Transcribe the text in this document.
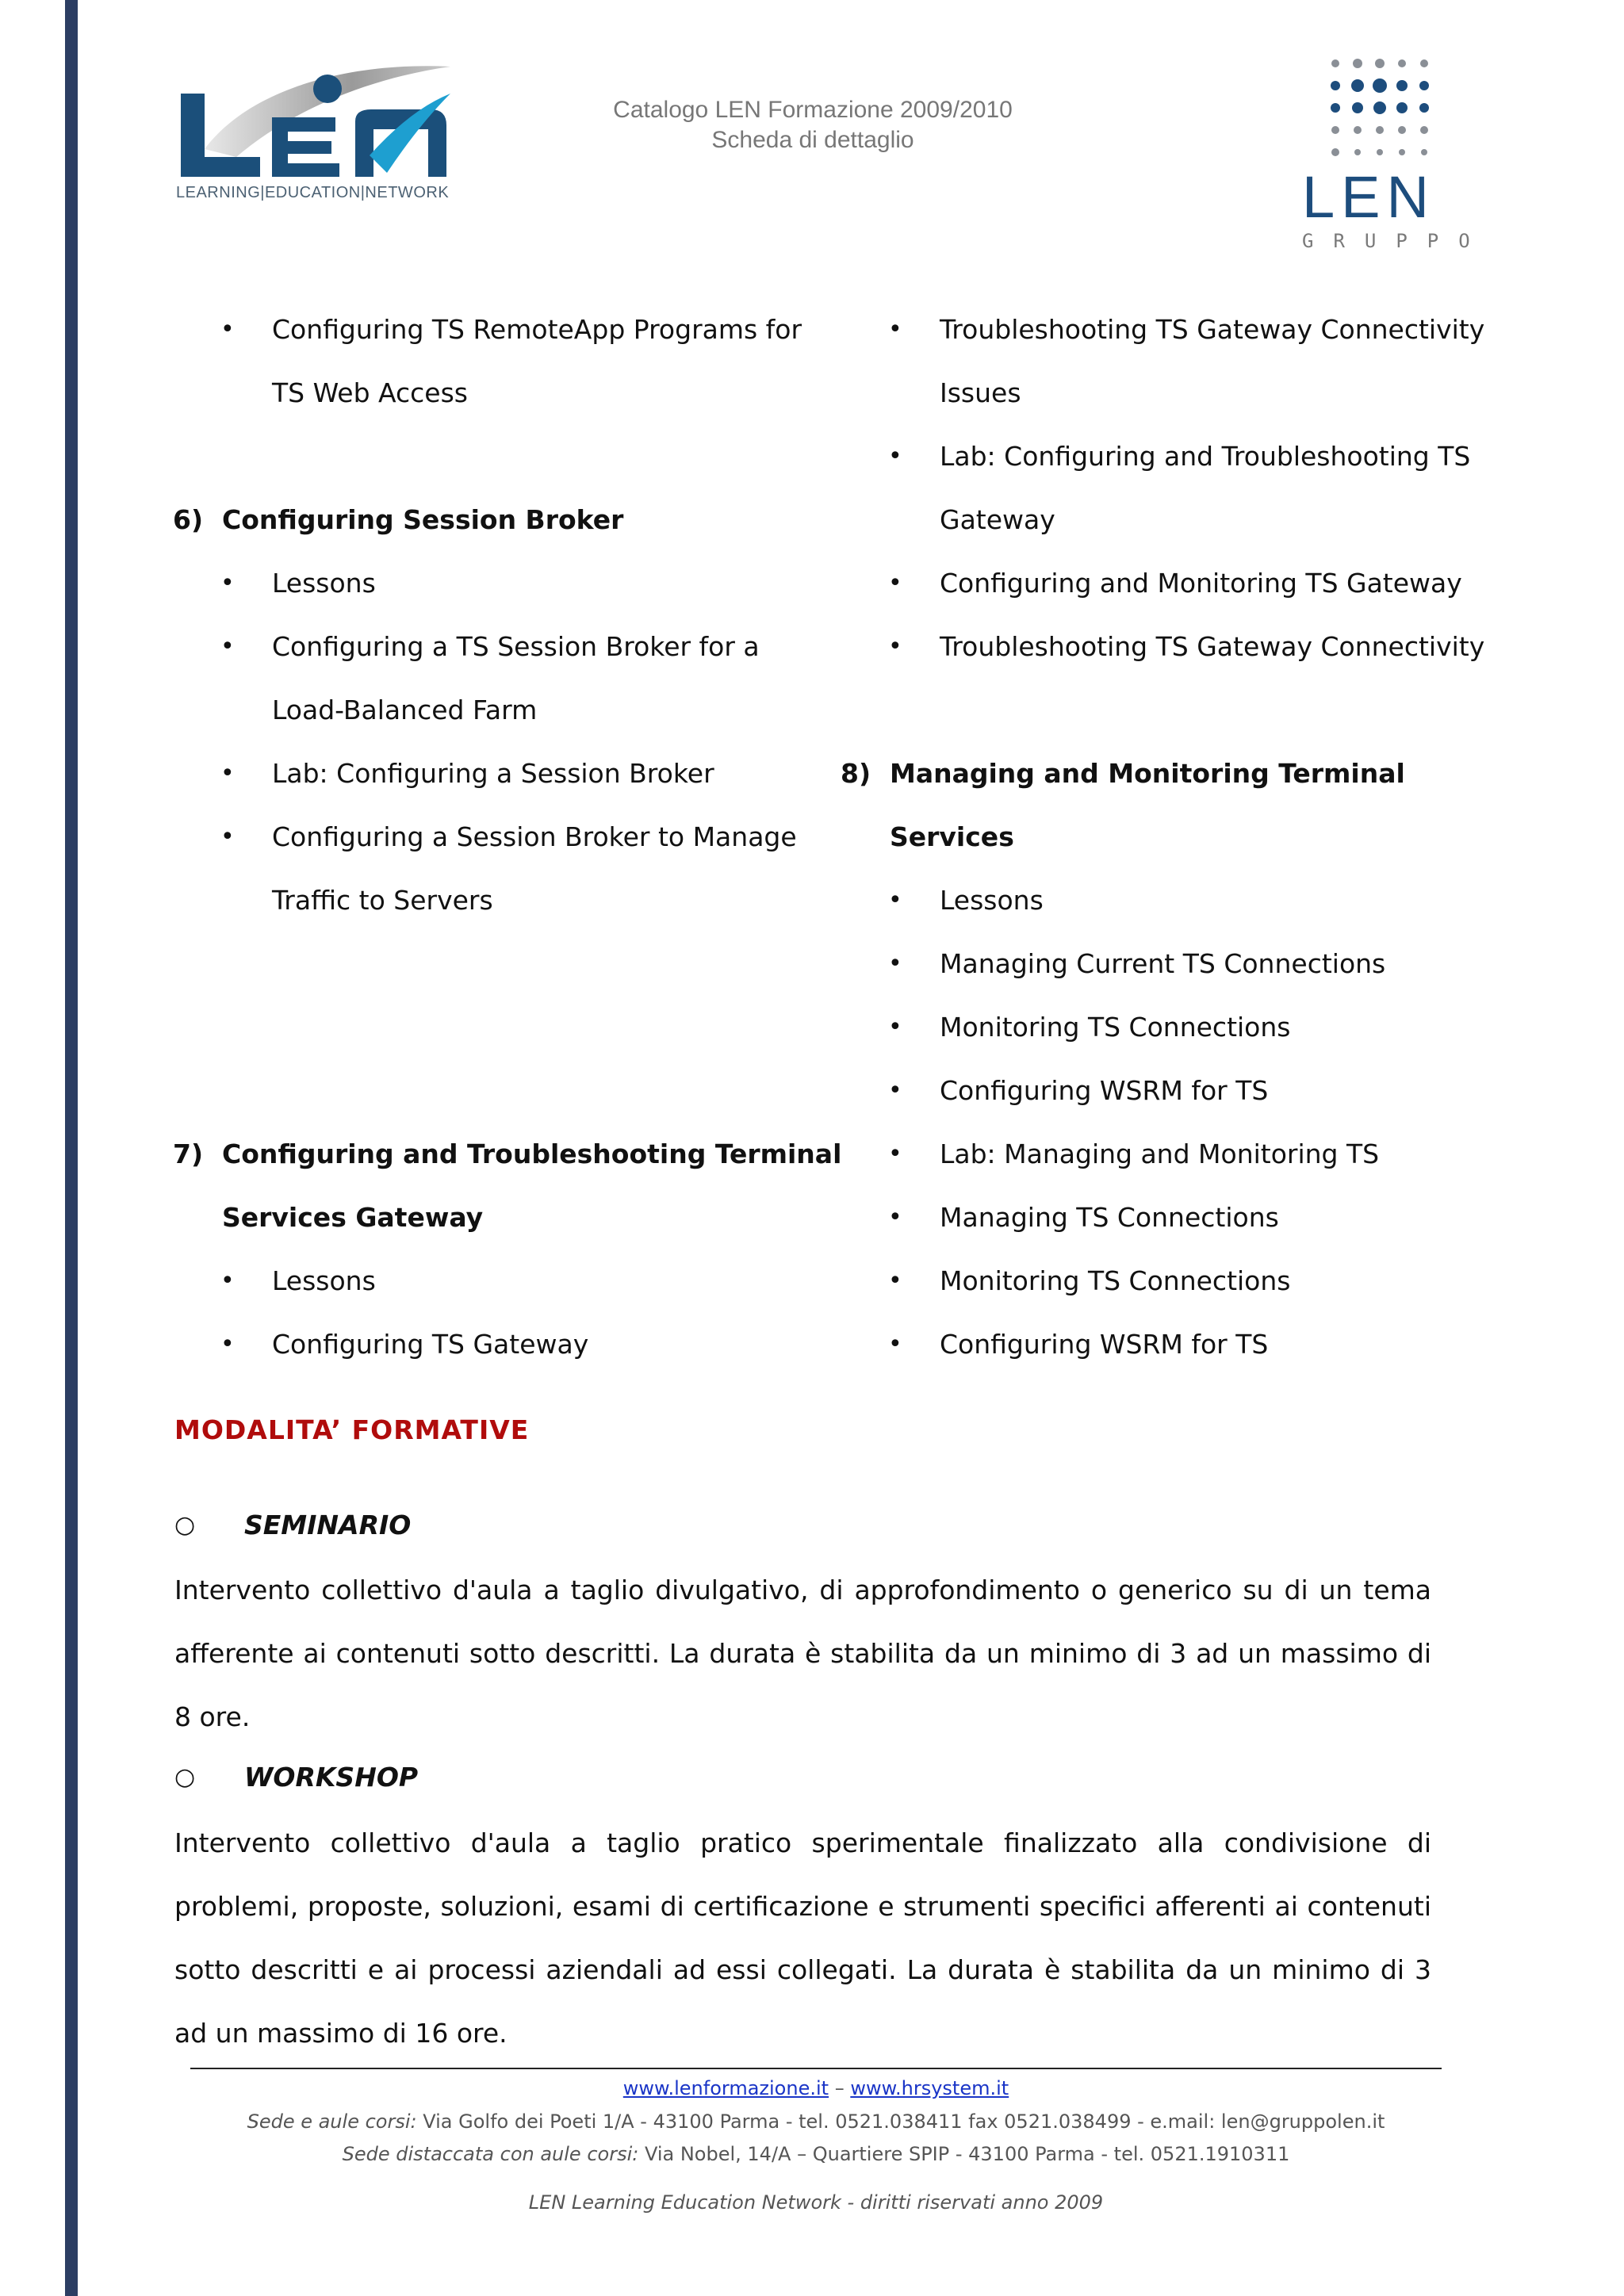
LEARNING|EDUCATION|NETWORK
Catalogo LEN Formazione 2009/2010
Scheda di dettaglio
LEN
GRUPPO
• Configuring TS RemoteApp Programs for
TS Web Access
6) Configuring Session Broker
• Lessons
• Configuring a TS Session Broker for a
Load-Balanced Farm
• Lab: Configuring a Session Broker
• Configuring a Session Broker to Manage
Traffic to Servers
7) Configuring and Troubleshooting Terminal
Services Gateway
• Lessons
• Configuring TS Gateway
• Troubleshooting TS Gateway Connectivity
Issues
• Lab: Configuring and Troubleshooting TS
Gateway
• Configuring and Monitoring TS Gateway
• Troubleshooting TS Gateway Connectivity
8) Managing and Monitoring Terminal
Services
• Lessons
• Managing Current TS Connections
• Monitoring TS Connections
• Configuring WSRM for TS
• Lab: Managing and Monitoring TS
• Managing TS Connections
• Monitoring TS Connections
• Configuring WSRM for TS
MODALITA’ FORMATIVE
○ SEMINARIO
Intervento collettivo d'aula a taglio divulgativo, di approfondimento o generico su di un tema afferente ai contenuti sotto descritti. La durata è stabilita da un minimo di 3 ad un massimo di 8 ore.
○ WORKSHOP
Intervento collettivo d'aula a taglio pratico sperimentale finalizzato alla condivisione di problemi, proposte, soluzioni, esami di certificazione e strumenti specifici afferenti ai contenuti sotto descritti e ai processi aziendali ad essi collegati. La durata è stabilita da un minimo di 3 ad un massimo di 16 ore.
www.lenformazione.it – www.hrsystem.it
Sede e aule corsi: Via Golfo dei Poeti 1/A - 43100 Parma - tel. 0521.038411 fax 0521.038499 - e.mail: len@gruppolen.it
Sede distaccata con aule corsi: Via Nobel, 14/A – Quartiere SPIP - 43100 Parma - tel. 0521.1910311
LEN Learning Education Network - diritti riservati anno 2009
